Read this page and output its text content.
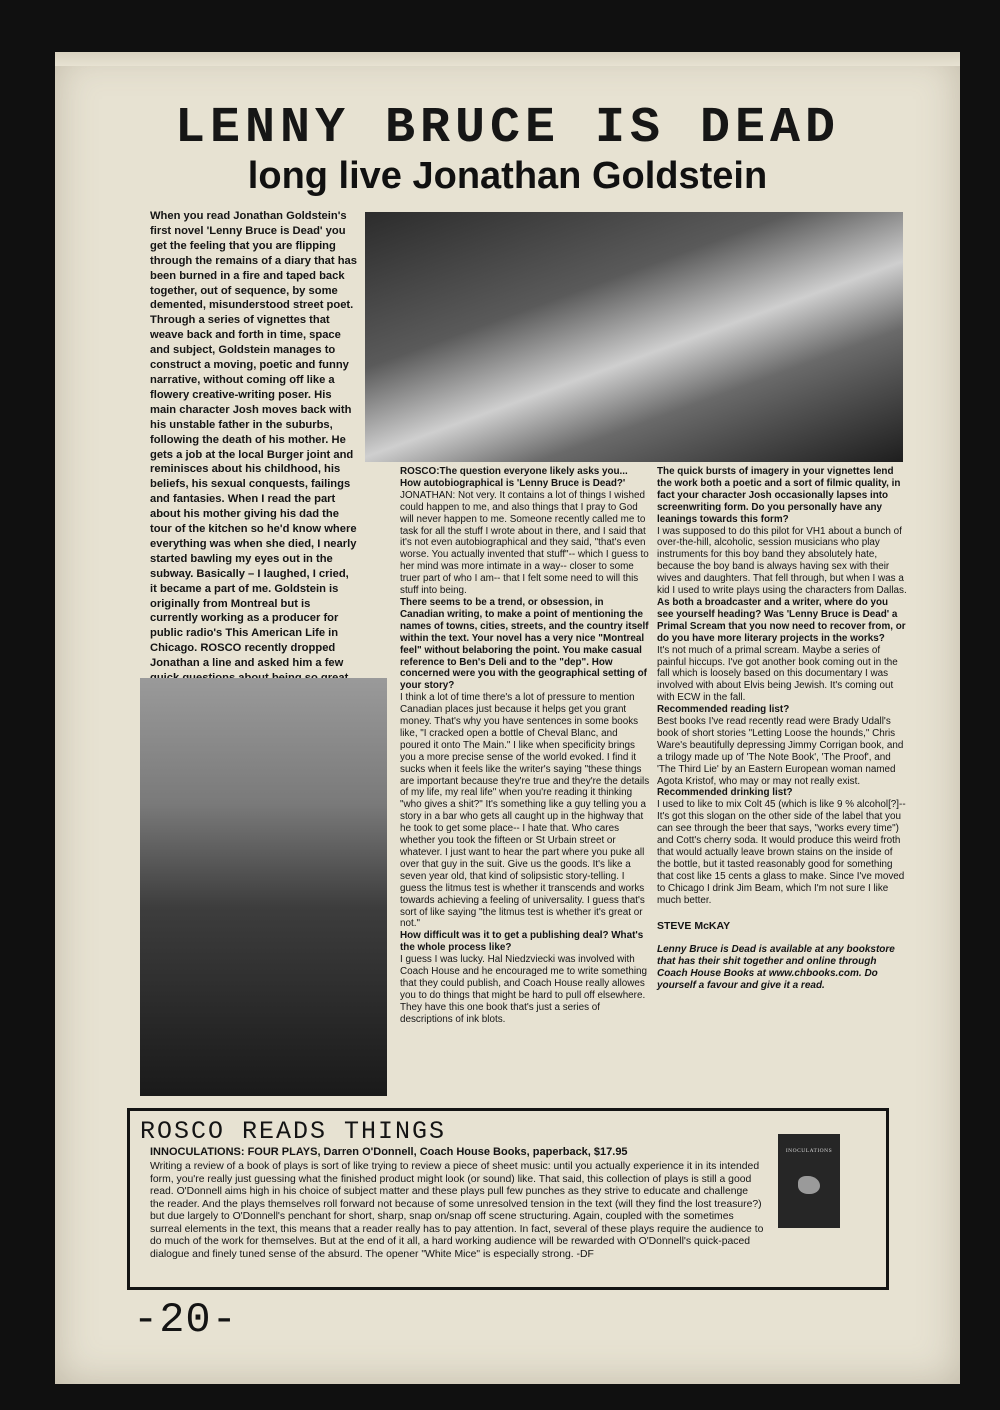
LENNY BRUCE IS DEAD
long live Jonathan Goldstein
When you read Jonathan Goldstein's first novel 'Lenny Bruce is Dead' you get the feeling that you are flipping through the remains of a diary that has been burned in a fire and taped back together, out of sequence, by some demented, misunderstood street poet. Through a series of vignettes that weave back and forth in time, space and subject, Goldstein manages to construct a moving, poetic and funny narrative, without coming off like a flowery creative-writing poser. His main character Josh moves back with his unstable father in the suburbs, following the death of his mother. He gets a job at the local Burger joint and reminisces about his childhood, his beliefs, his sexual conquests, failings and fantasies. When I read the part about his mother giving his dad the tour of the kitchen so he'd know where everything was when she died, I nearly started bawling my eyes out in the subway. Basically – I laughed, I cried, it became a part of me. Goldstein is originally from Montreal but is currently working as a producer for public radio's This American Life in Chicago. ROSCO recently dropped Jonathan a line and asked him a few

ROSCO:The question everyone likely asks you... How autobiographical is 'Lenny Bruce is Dead?'

JONATHAN: Not very. It contains a lot of things I wished could happen to me, and also things that I pray to God will never happen to me. Someone recently called me to task for all the stuff I wrote about in there, and I said that it's not even autobiographical and they said, "that's even worse. You actually invented that stuff"-- which I guess to her mind was more intimate in a way-- closer to some truer part of who I am-- that I felt some need to will this stuff into being.

There seems to be a trend, or obsession, in Canadian writing, to make a point of mentioning the names of towns, cities, streets, and the country itself within the text. Your novel has a very nice "Montreal feel" without belaboring the point. You make casual reference to Ben's Deli and to the "dep". How concerned were you with the geographical setting of your story?

I think a lot of time there's a lot of pressure to mention Canadian places just because it helps get you grant money. That's why you have sentences in some books like, "I cracked open a bottle of Cheval Blanc, and poured it onto The Main." I like when specificity brings you a more precise sense of the world evoked. I find it sucks when it feels like the writer's saying "these things are important because they're true and they're the details of my life, my real life" when you're reading it thinking "who gives a shit?" It's something like a guy telling you a story in a bar who gets all caught up in the highway that he took to get some place-- I hate that. Who cares whether you took the fifteen or St Urbain street or whatever. I just want to hear the part where you puke all over that guy in the suit. Give us the goods. It's like a seven year old, that kind of solipsistic story-telling. I guess the litmus test is whether it transcends and works towards achieving a feeling of universality. I guess that's sort of like saying "the litmus test is whether it's great or not."

How difficult was it to get a publishing deal? What's the whole process like?

I guess I was lucky. Hal Niedzviecki was involved with Coach House and he encouraged me to write something that they could publish, and Coach House really allowes you to do things that might be hard to pull off elsewhere. They have this one book that's just a series of descriptions of ink blots.

The quick bursts of imagery in your vignettes lend the work both a poetic and a sort of filmic quality, in fact your character Josh occasionally lapses into screenwriting form. Do you personally have any leanings towards this form?

I was supposed to do this pilot for VH1 about a bunch of over-the-hill, alcoholic, session musicians who play instruments for this boy band they absolutely hate, because the boy band is always having sex with their wives and daughters. That fell through, but when I was a kid I used to write plays using the characters from Dallas.

As both a broadcaster and a writer, where do you see yourself heading? Was 'Lenny Bruce is Dead' a Primal Scream that you now need to recover from, or do you have more literary projects in the works?

It's not much of a primal scream. Maybe a series of painful hiccups. I've got another book coming out in the fall which is loosely based on this documentary I was involved with about Elvis being Jewish. It's coming out with ECW in the fall.

Recommended reading list?

Best books I've read recently read were Brady Udall's book of short stories "Letting Loose the hounds," Chris Ware's beautifully depressing Jimmy Corrigan book, and a trilogy made up of 'The Note Book', 'The Proof', and 'The Third Lie' by an Eastern European woman named Agota Kristof, who may or may not really exist.

Recommended drinking list?

I used to like to mix Colt 45 (which is like 9 % alcohol[?]-- It's got this slogan on the other side of the label that you can see through the beer that says, "works every time") and Cott's cherry soda. It would produce this weird froth that would actually leave brown stains on the inside of the bottle, but it tasted reasonably good for something that cost like 15 cents a glass to make. Since I've moved to Chicago I drink Jim Beam, which I'm not sure I like much better.

STEVE McKAY

Lenny Bruce is Dead is available at any bookstore that has their shit together and online through Coach House Books at www.chbooks.com. Do yourself a favour and give it a read.

ROSCO READS THINGS
INNOCULATIONS: FOUR PLAYS, Darren O'Donnell, Coach House Books, paperback, $17.95

Writing a review of a book of plays is sort of like trying to review a piece of sheet music: until you actually experience it in its intended form, you're really just guessing what the finished product might look (or sound) like. That said, this collection of plays is still a good read. O'Donnell aims high in his choice of subject matter and these plays pull few punches as they strive to educate and challenge the reader. And the plays themselves roll forward not because of some unresolved tension in the text (will they find the lost treasure?) but due largely to O'Donnell's penchant for short, sharp, snap on/snap off scene structuring. Again, coupled with the sometimes surreal elements in the text, this means that a reader really has to pay attention. In fact, several of these plays require the audience to do much of the work for themselves. But at the end of it all, a hard working audience will be rewarded with O'Donnell's quick-paced dialogue and finely tuned sense of the absurd. The opener "White Mice" is especially strong. -DF

INOCULATIONS
-20-
